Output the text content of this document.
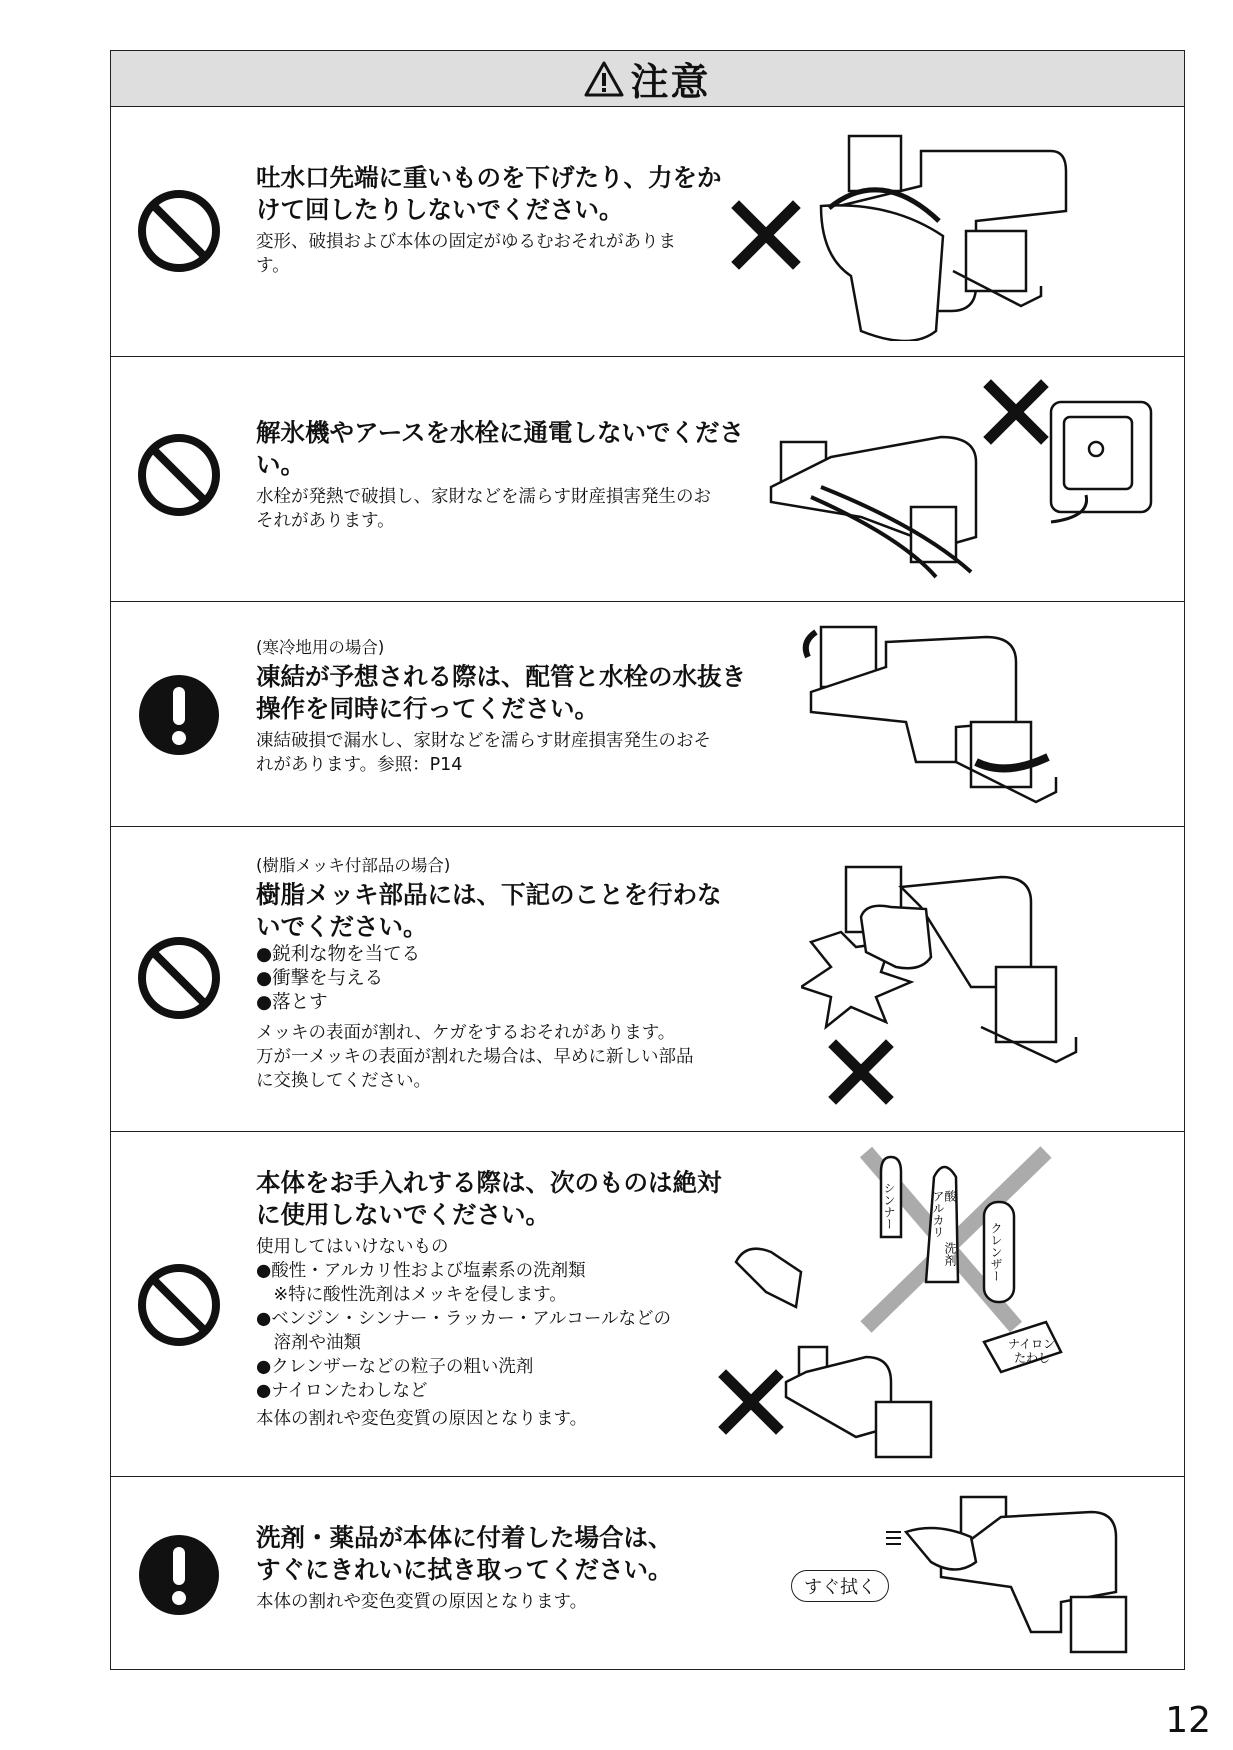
注意

吐水口先端に重いものを下げたり、力をか

けて回したりしないでください。

変形、破損および本体の固定がゆるむおそれがありま

す。

解氷機やアースを水栓に通電しないでくださ

い。

水栓が発熱で破損し、家財などを濡らす財産損害発生のお

それがあります。

(寒冷地用の場合)

凍結が予想される際は、配管と水栓の水抜き

操作を同時に行ってください。

凍結破損で漏水し、家財などを濡らす財産損害発生のおそ

れがあります。参照：P14

(樹脂メッキ付部品の場合)

樹脂メッキ部品には、下記のことを行わな

いでください。

●鋭利な物を当てる

●衝撃を与える

●落とす

メッキの表面が割れ、ケガをするおそれがあります。

万が一メッキの表面が割れた場合は、早めに新しい部品

に交換してください。

本体をお手入れする際は、次のものは絶対

に使用しないでください。

使用してはいけないもの

●酸性・アルカリ性および塩素系の洗剤類

　※特に酸性洗剤はメッキを侵します。

●ベンジン・シンナー・ラッカー・アルコールなどの

　溶剤や油類

●クレンザーなどの粒子の粗い洗剤

●ナイロンたわしなど

本体の割れや変色変質の原因となります。

シンナー	アルカリ
酸
洗剤	クレンザー
ナイロン
たわし

洗剤・薬品が本体に付着した場合は、

すぐにきれいに拭き取ってください。

本体の割れや変色変質の原因となります。

すぐ拭く
12
